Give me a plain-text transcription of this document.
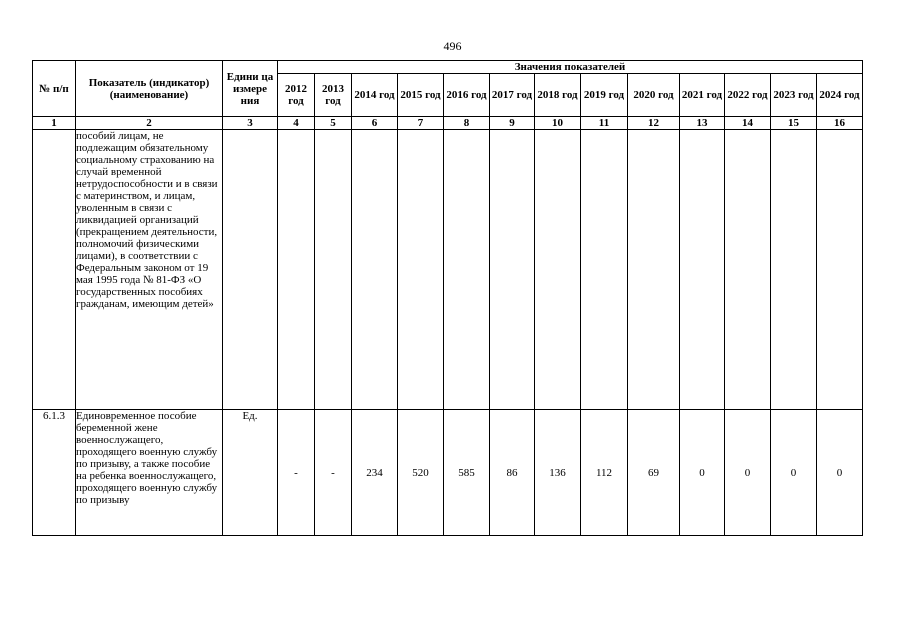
496
№ п/п	Показатель (индикатор) (наименование)	Едини ца измере ния	Значения показателей												
			2012 год	2013 год	2014 год	2015 год	2016 год	2017 год	2018 год	2019 год	2020 год	2021 год	2022 год	2023 год	2024 год
1	2	3	4	5	6	7	8	9	10	11	12	13	14	15	16
	пособий лицам, не подлежащим обязательному социальному страхованию на случай временной нетрудоспособности и в связи с материнством, и лицам, уволенным в связи с ликвидацией организаций (прекращением деятельности, полномочий физическими лицами), в соответствии с Федеральным законом от 19 мая 1995 года № 81-ФЗ «О государственных пособиях гражданам, имеющим детей»														
6.1.3	Единовременное пособие беременной жене военнослужащего, проходящего военную службу по призыву, а также пособие на ребенка военнослужащего, проходящего военную службу по призыву	Ед.	-	-	234	520	585	86	136	112	69	0	0	0	0
